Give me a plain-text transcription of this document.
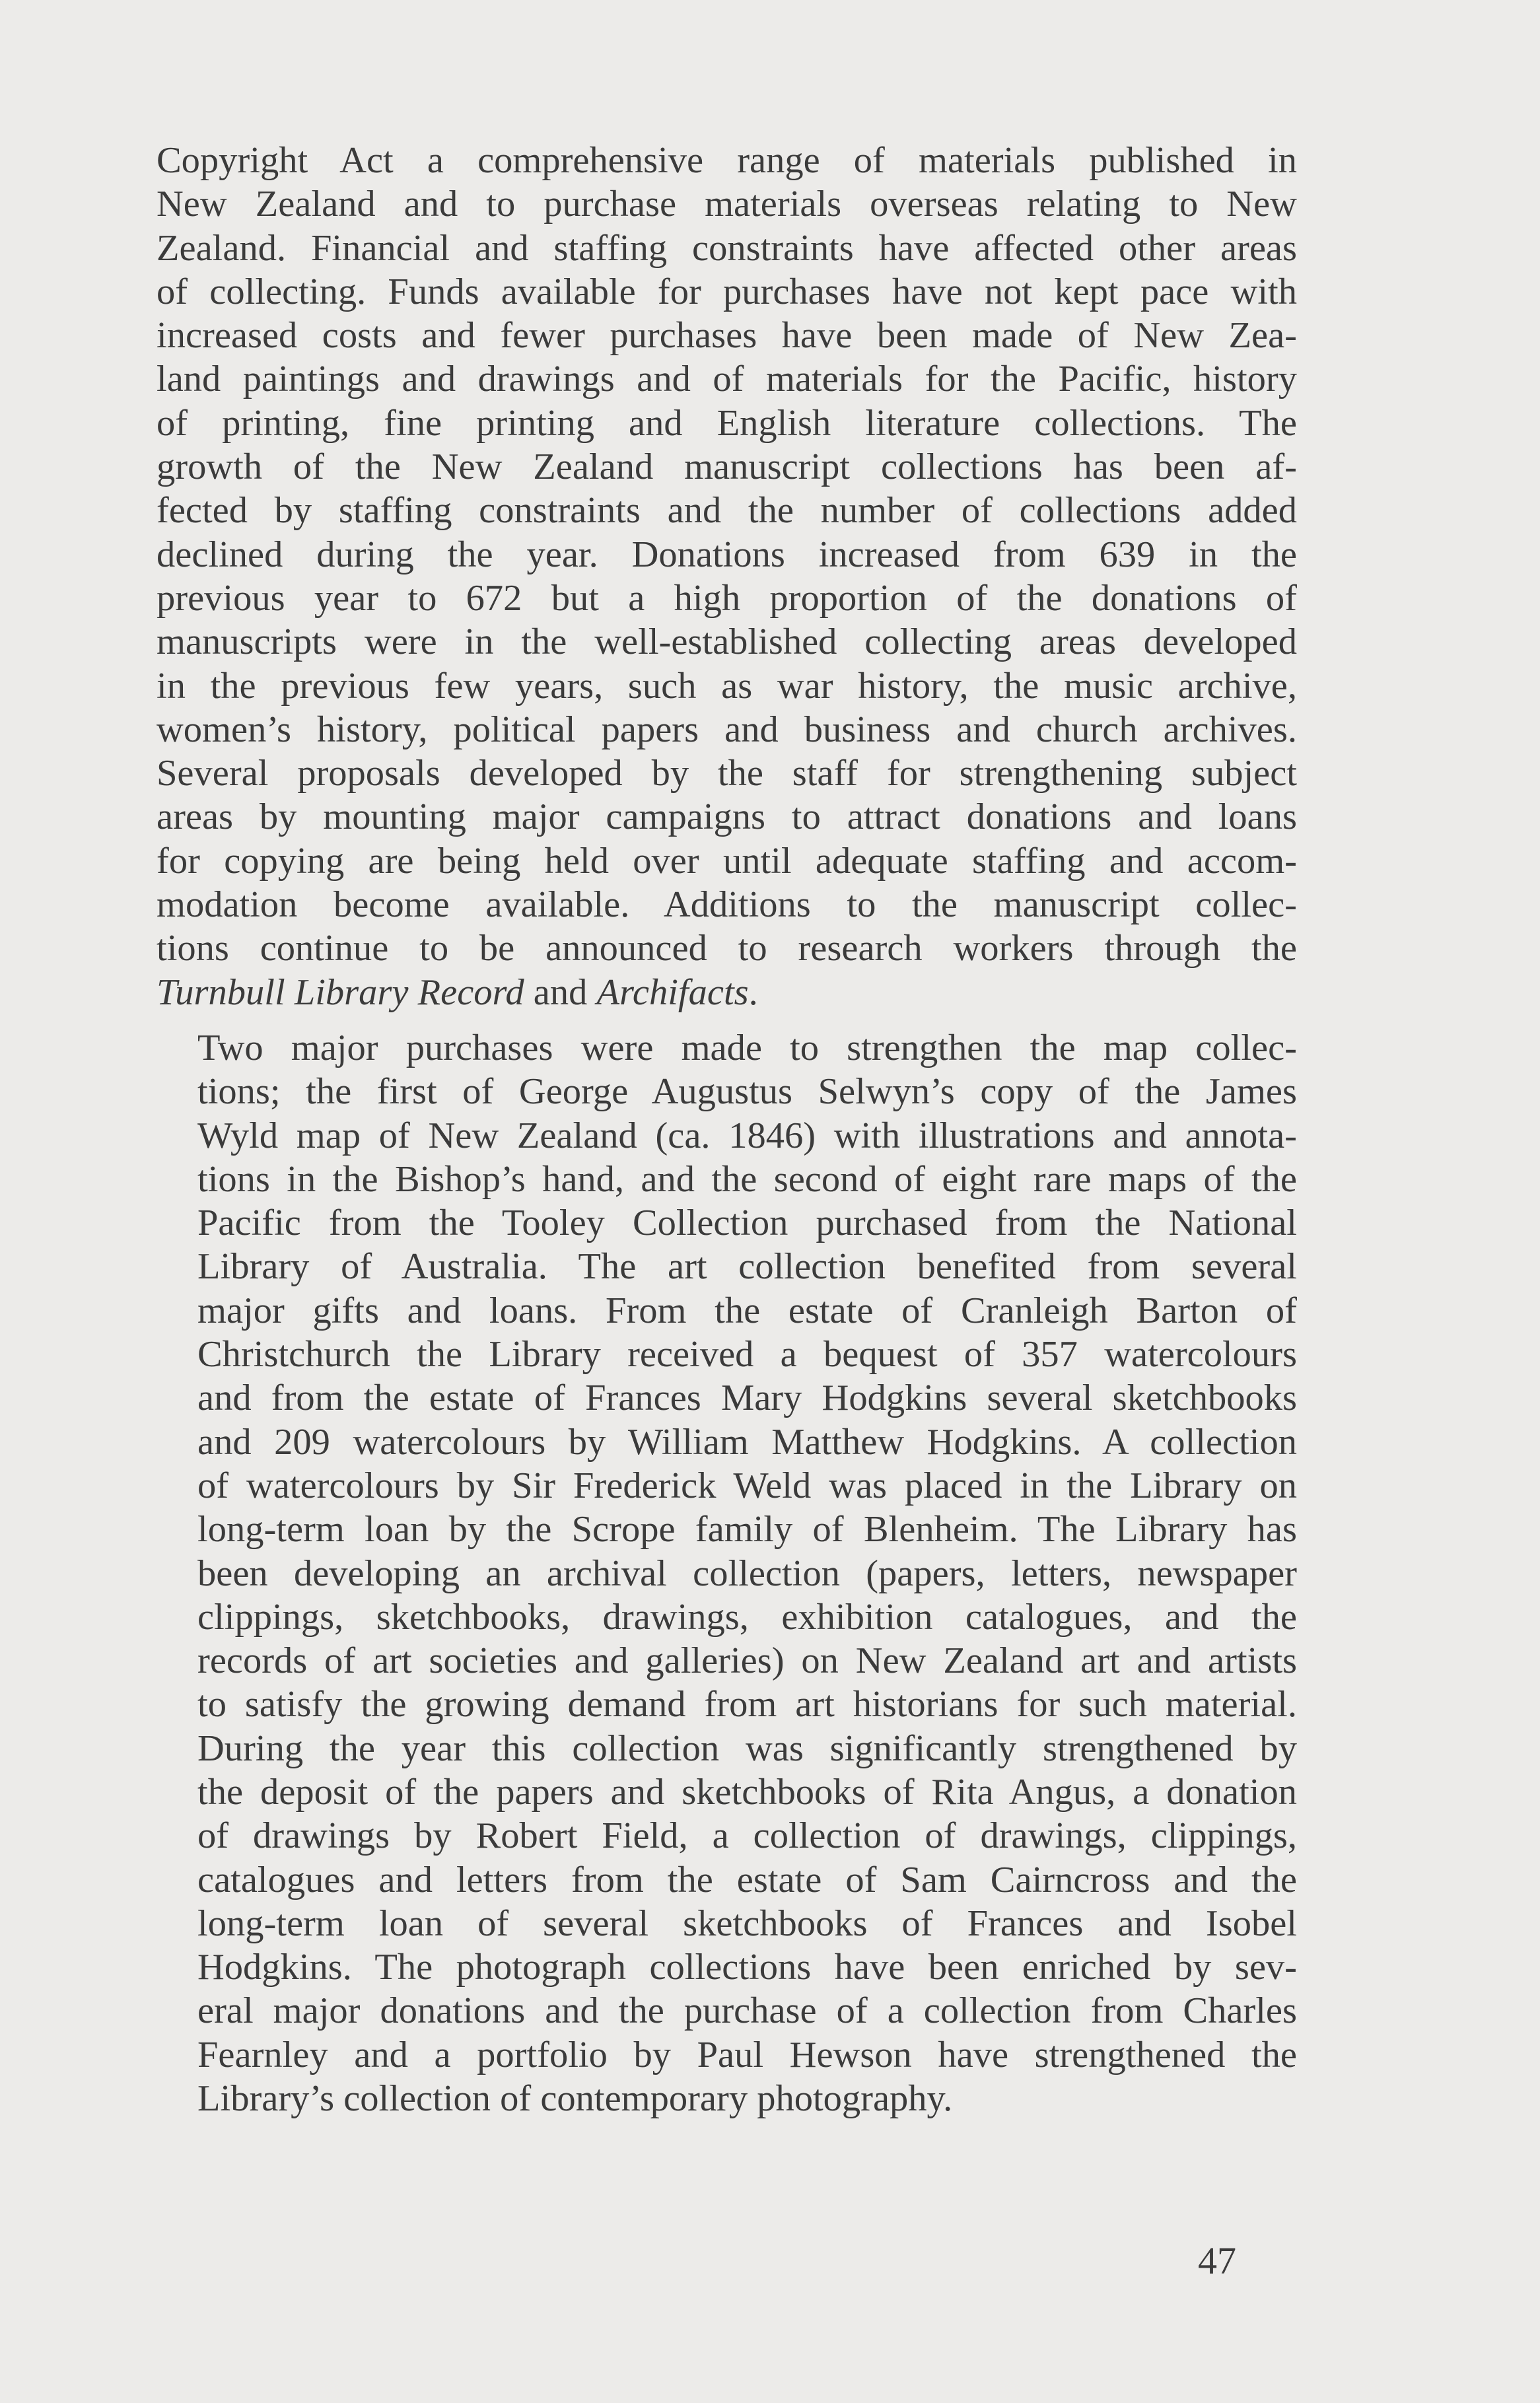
Copyright Act a comprehensive range of materials published in
New Zealand and to purchase materials overseas relating to New
Zealand. Financial and staffing constraints have affected other areas
of collecting. Funds available for purchases have not kept pace with
increased costs and fewer purchases have been made of New Zea-
land paintings and drawings and of materials for the Pacific, history
of printing, fine printing and English literature collections. The
growth of the New Zealand manuscript collections has been af-
fected by staffing constraints and the number of collections added
declined during the year. Donations increased from 639 in the
previous year to 672 but a high proportion of the donations of
manuscripts were in the well-established collecting areas developed
in the previous few years, such as war history, the music archive,
women’s history, political papers and business and church archives.
Several proposals developed by the staff for strengthening subject
areas by mounting major campaigns to attract donations and loans
for copying are being held over until adequate staffing and accom-
modation become available. Additions to the manuscript collec-
tions continue to be announced to research workers through the
Turnbull Library Record and Archifacts.

Two major purchases were made to strengthen the map collec-
tions; the first of George Augustus Selwyn’s copy of the James
Wyld map of New Zealand (ca. 1846) with illustrations and annota-
tions in the Bishop’s hand, and the second of eight rare maps of the
Pacific from the Tooley Collection purchased from the National
Library of Australia. The art collection benefited from several
major gifts and loans. From the estate of Cranleigh Barton of
Christchurch the Library received a bequest of 357 watercolours
and from the estate of Frances Mary Hodgkins several sketchbooks
and 209 watercolours by William Matthew Hodgkins. A collection
of watercolours by Sir Frederick Weld was placed in the Library on
long-term loan by the Scrope family of Blenheim. The Library has
been developing an archival collection (papers, letters, newspaper
clippings, sketchbooks, drawings, exhibition catalogues, and the
records of art societies and galleries) on New Zealand art and artists
to satisfy the growing demand from art historians for such material.
During the year this collection was significantly strengthened by
the deposit of the papers and sketchbooks of Rita Angus, a donation
of drawings by Robert Field, a collection of drawings, clippings,
catalogues and letters from the estate of Sam Cairncross and the
long-term loan of several sketchbooks of Frances and Isobel
Hodgkins. The photograph collections have been enriched by sev-
eral major donations and the purchase of a collection from Charles
Fearnley and a portfolio by Paul Hewson have strengthened the
Library’s collection of contemporary photography.

47
